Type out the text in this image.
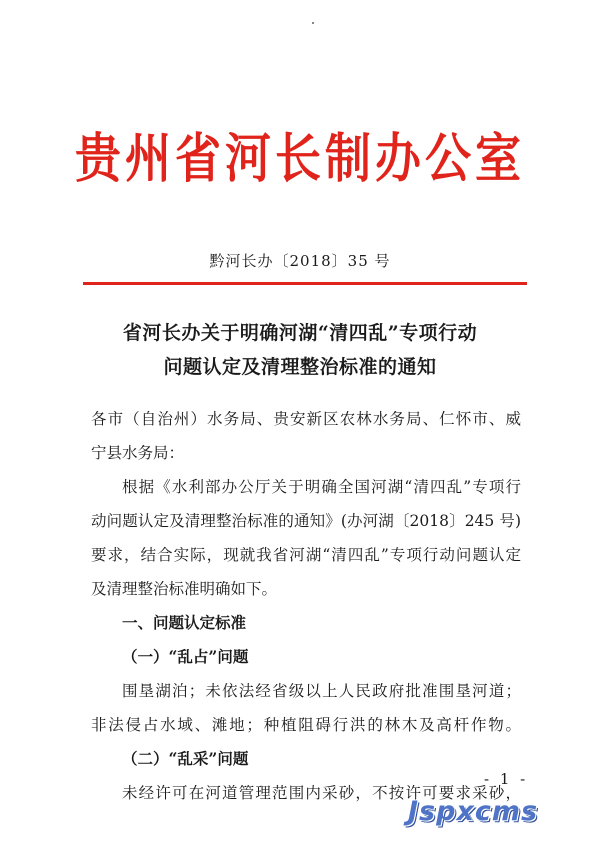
贵州省河长制办公室
黔河长办〔2018〕35 号
省河长办关于明确河湖“清四乱”专项行动
问题认定及清理整治标准的通知
各市（自治州）水务局、贵安新区农林水务局、仁怀市、威
宁县水务局：
根据《水利部办公厅关于明确全国河湖“清四乱”专项行
动问题认定及清理整治标准的通知》(办河湖〔2018〕245 号)
要求，结合实际，现就我省河湖“清四乱”专项行动问题认定
及清理整治标准明确如下。
一、问题认定标准
（一）“乱占”问题
围垦湖泊；未依法经省级以上人民政府批准围垦河道；
非法侵占水域、滩地；种植阻碍行洪的林木及高杆作物。
（二）“乱采”问题
未经许可在河道管理范围内采砂，不按许可要求采砂，
- 1 -
Jspxcms
